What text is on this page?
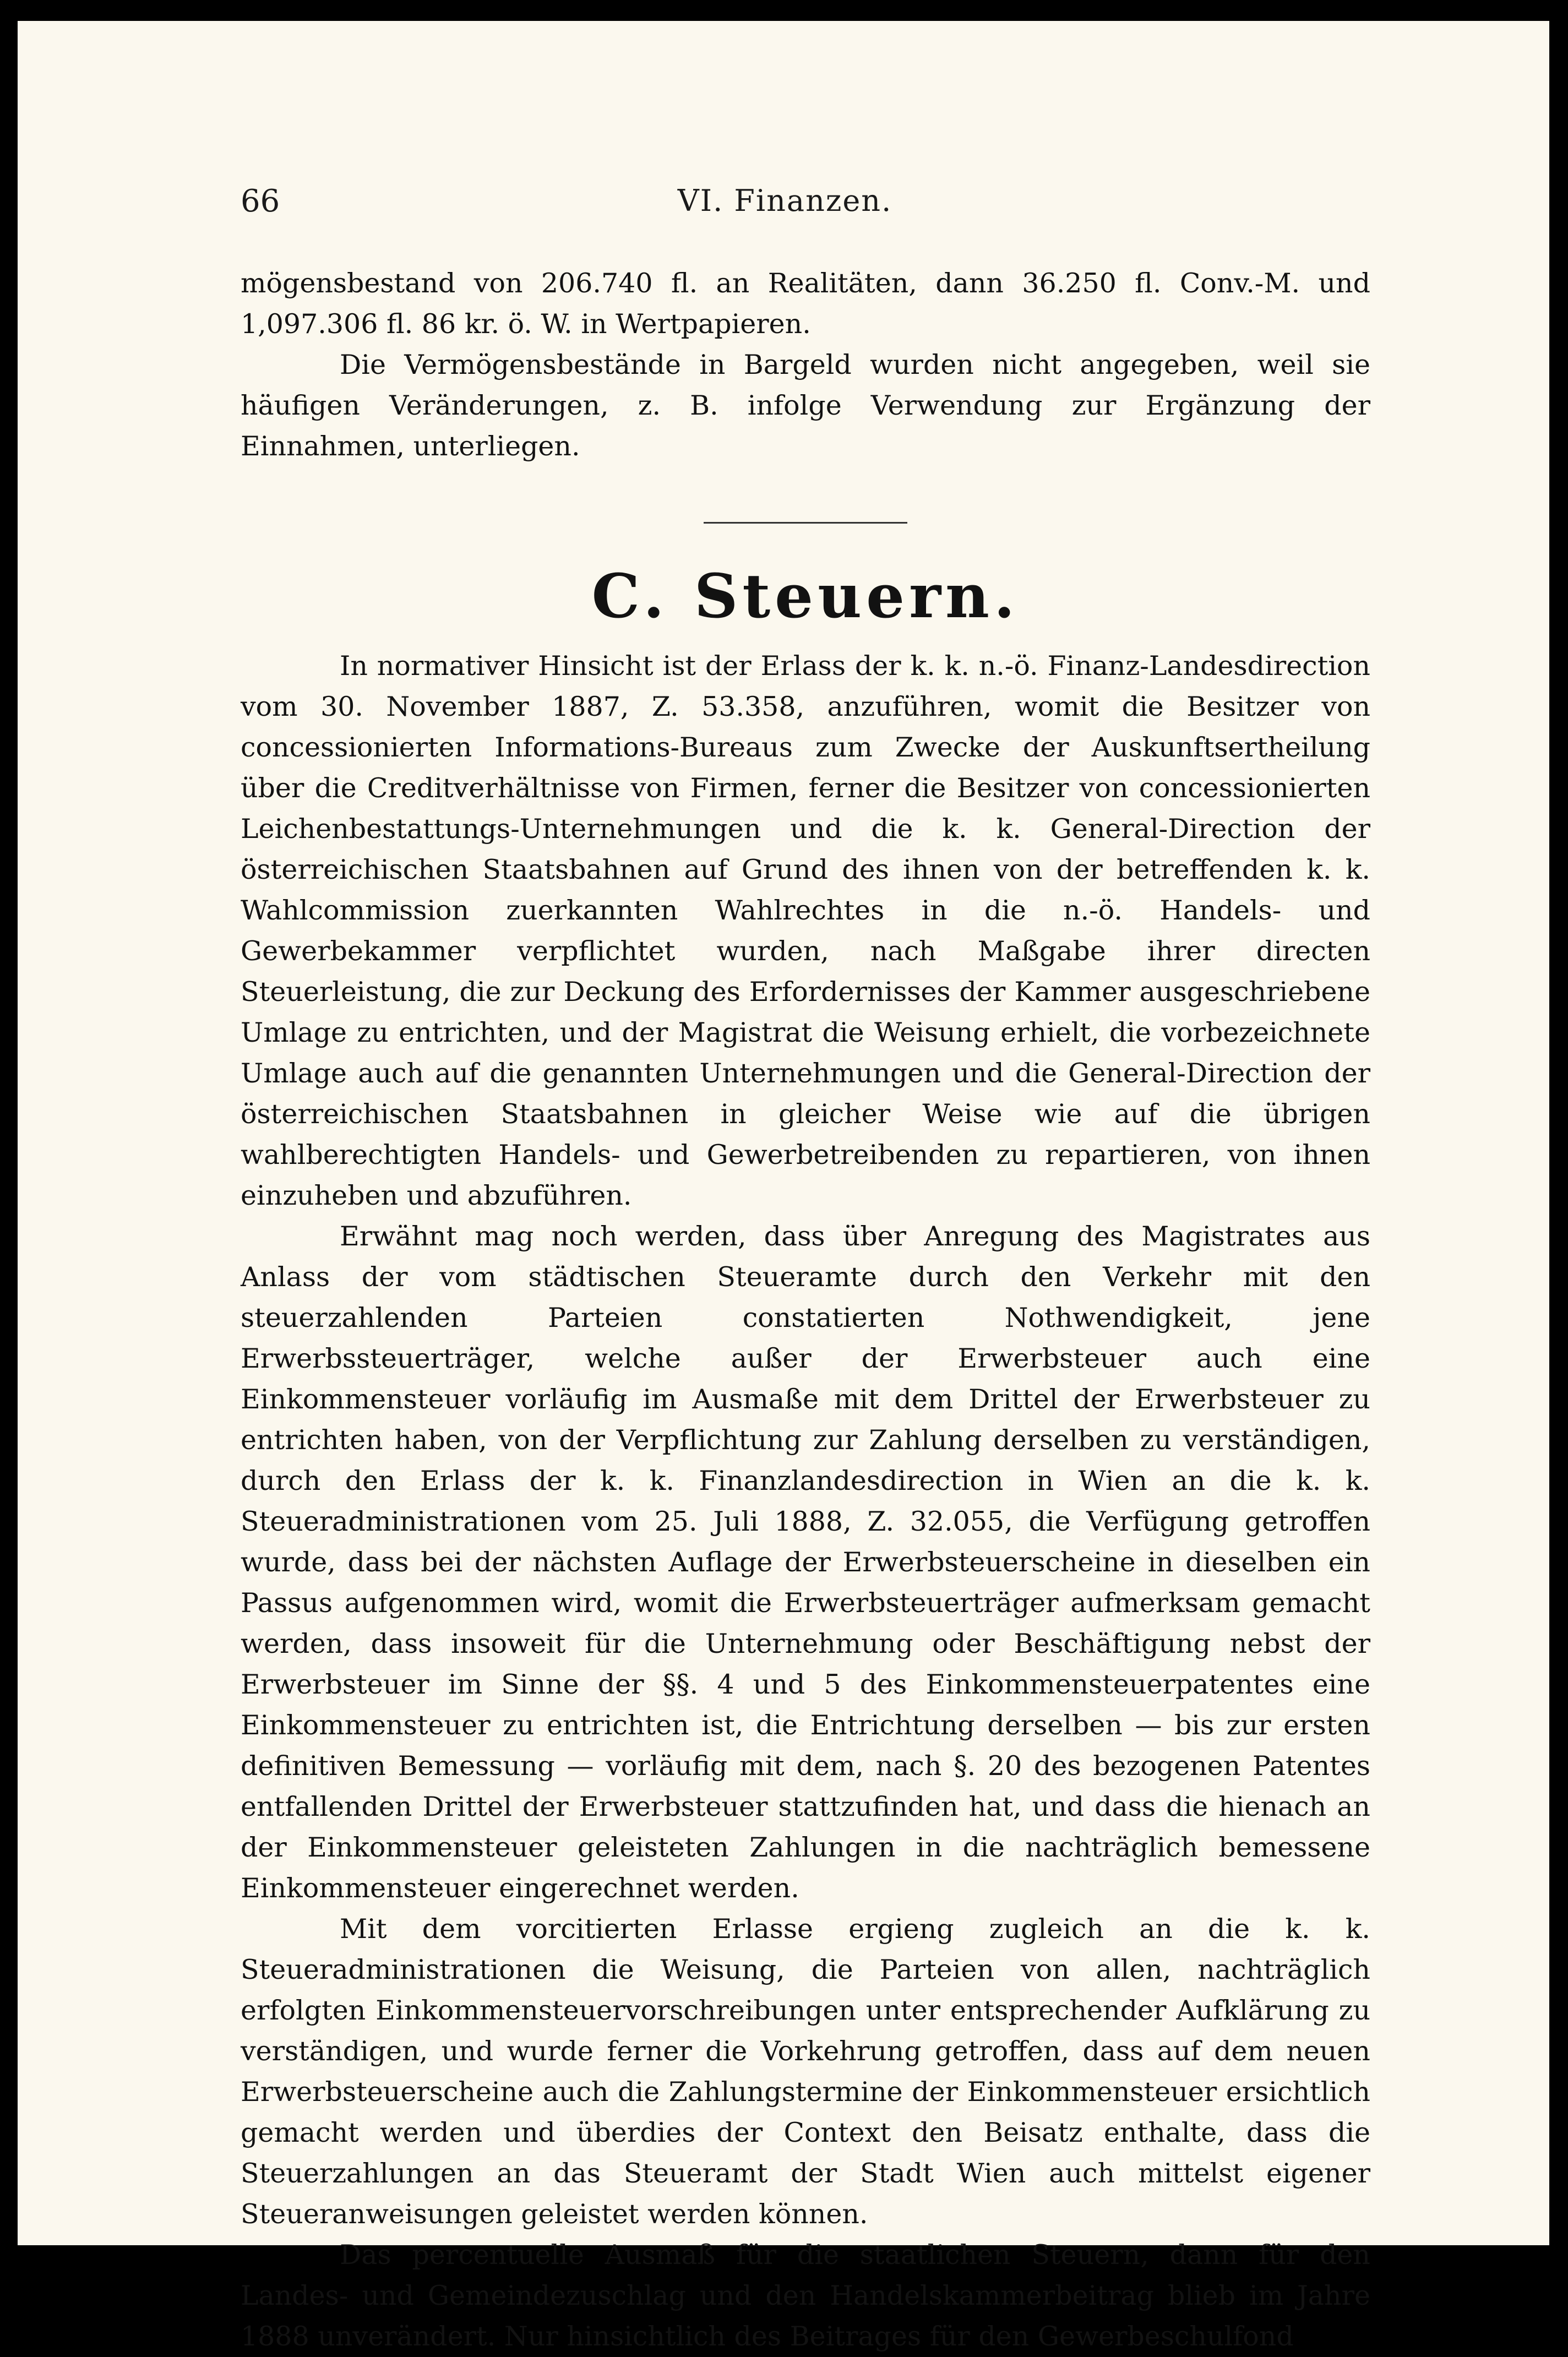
66	VI. Finanzen.

mögensbestand von 206.740 fl. an Realitäten, dann 36.250 fl. Conv.-M. und

1,097.306 fl. 86 kr. ö. W. in Wertpapieren.

Die Vermögensbestände in Bargeld wurden nicht angegeben, weil sie häufigen Veränderungen, z. B. infolge Verwendung zur Ergänzung der Einnahmen, unterliegen.

C. Steuern.

In normativer Hinsicht ist der Erlass der k. k. n.-ö. Finanz-Landesdirection vom 30. November 1887, Z. 53.358, anzuführen, womit die Besitzer von concessionierten Informations-Bureaus zum Zwecke der Auskunftsertheilung über die Creditverhältnisse von Firmen, ferner die Besitzer von concessionierten Leichenbestattungs-Unternehmungen und die k. k. General-Direction der österreichischen Staatsbahnen auf Grund des ihnen von der betreffenden k. k. Wahlcommission zuerkannten Wahlrechtes in die n.-ö. Handels- und Gewerbekammer verpflichtet wurden, nach Maßgabe ihrer directen Steuerleistung, die zur Deckung des Erfordernisses der Kammer ausgeschriebene Umlage zu entrichten, und der Magistrat die Weisung erhielt, die vorbezeichnete Umlage auch auf die genannten Unternehmungen und die General-Direction der österreichischen Staatsbahnen in gleicher Weise wie auf die übrigen wahlberechtigten Handels- und Gewerbetreibenden zu repartieren, von ihnen einzuheben und abzuführen.

Erwähnt mag noch werden, dass über Anregung des Magistrates aus Anlass der vom städtischen Steueramte durch den Verkehr mit den steuerzahlenden Parteien constatierten Nothwendigkeit, jene Erwerbssteuerträger, welche außer der Erwerbsteuer auch eine Einkommensteuer vorläufig im Ausmaße mit dem Drittel der Erwerbsteuer zu entrichten haben, von der Verpflichtung zur Zahlung derselben zu verständigen, durch den Erlass der k. k. Finanzlandesdirection in Wien an die k. k. Steueradministrationen vom 25. Juli 1888, Z. 32.055, die Verfügung getroffen wurde, dass bei der nächsten Auflage der Erwerbsteuerscheine in dieselben ein Passus aufgenommen wird, womit die Erwerbsteuerträger aufmerksam gemacht werden, dass insoweit für die Unternehmung oder Beschäftigung nebst der Erwerbsteuer im Sinne der §§. 4 und 5 des Einkommensteuerpatentes eine Einkommensteuer zu entrichten ist, die Entrichtung derselben — bis zur ersten definitiven Bemessung — vorläufig mit dem, nach §. 20 des bezogenen Patentes entfallenden Drittel der Erwerbsteuer stattzufinden hat, und dass die hienach an der Einkommensteuer geleisteten Zahlungen in die nachträglich bemessene Einkommensteuer eingerechnet werden.

Mit dem vorcitierten Erlasse ergieng zugleich an die k. k. Steueradministrationen die Weisung, die Parteien von allen, nachträglich erfolgten Einkommensteuervorschreibungen unter entsprechender Aufklärung zu verständigen, und wurde ferner die Vorkehrung getroffen, dass auf dem neuen Erwerbsteuerscheine auch die Zahlungstermine der Einkommensteuer ersichtlich gemacht werden und überdies der Context den Beisatz enthalte, dass die Steuerzahlungen an das Steueramt der Stadt Wien auch mittelst eigener Steueranweisungen geleistet werden können.

Das percentuelle Ausmaß für die staatlichen Steuern, dann für den Landes- und Gemeindezuschlag und den Handelskammerbeitrag blieb im Jahre 1888 unverändert. Nur hinsichtlich des Beitrages für den Gewerbeschulfond
